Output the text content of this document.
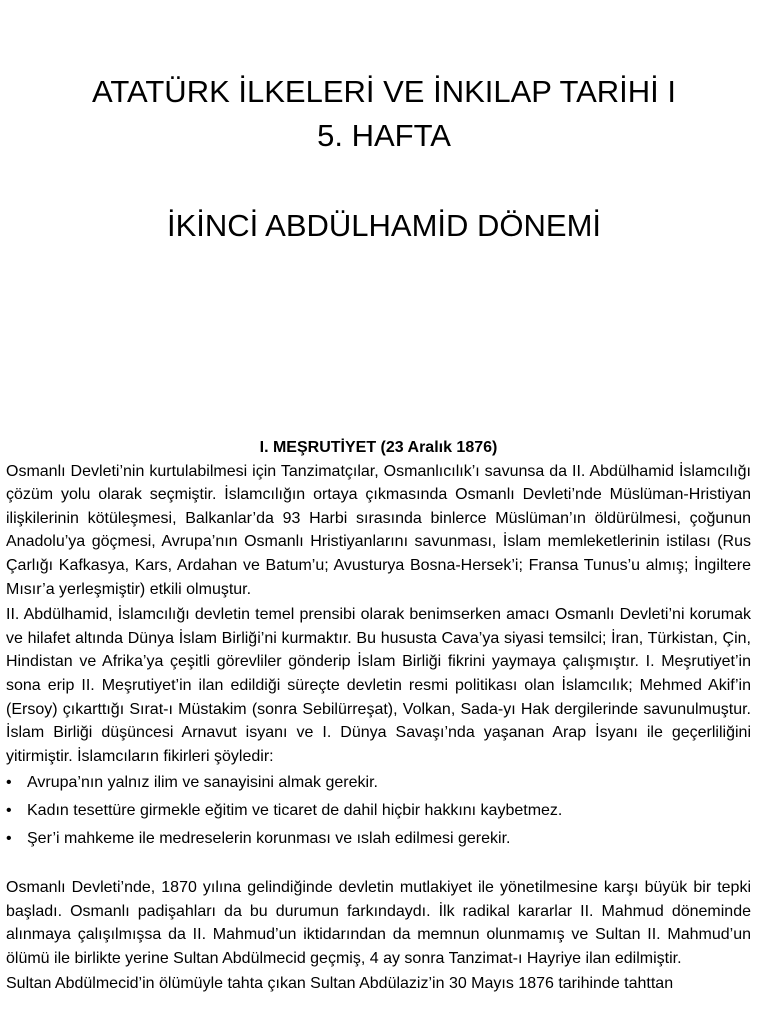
ATATÜRK İLKELERİ VE İNKILAP TARİHİ I
5. HAFTA
İKİNCİ ABDÜLHAMİD DÖNEMİ
I. MEŞRUTİYET (23 Aralık 1876)

Osmanlı Devleti’nin kurtulabilmesi için Tanzimatçılar, Osmanlıcılık’ı savunsa da II. Abdülhamid İslamcılığı çözüm yolu olarak seçmiştir. İslamcılığın ortaya çıkmasında Osmanlı Devleti’nde Müslüman-Hristiyan ilişkilerinin kötüleşmesi, Balkanlar’da 93 Harbi sırasında binlerce Müslüman’ın öldürülmesi, çoğunun Anadolu’ya göçmesi, Avrupa’nın Osmanlı Hristiyanlarını savunması, İslam memleketlerinin istilası (Rus Çarlığı Kafkasya, Kars, Ardahan ve Batum’u; Avusturya Bosna-Hersek’i; Fransa Tunus’u almış; İngiltere Mısır’a yerleşmiştir) etkili olmuştur.

II. Abdülhamid, İslamcılığı devletin temel prensibi olarak benimserken amacı Osmanlı Devleti’ni korumak ve hilafet altında Dünya İslam Birliği’ni kurmaktır. Bu hususta Cava’ya siyasi temsilci; İran, Türkistan, Çin, Hindistan ve Afrika’ya çeşitli görevliler gönderip İslam Birliği fikrini yaymaya çalışmıştır. I. Meşrutiyet’in sona erip II. Meşrutiyet’in ilan edildiği süreçte devletin resmi politikası olan İslamcılık; Mehmed Akif’in (Ersoy) çıkarttığı Sırat-ı Müstakim (sonra Sebilürreşat), Volkan, Sada-yı Hak dergilerinde savunulmuştur. İslam Birliği düşüncesi Arnavut isyanı ve I. Dünya Savaşı’nda yaşanan Arap İsyanı ile geçerliliğini yitirmiştir. İslamcıların fikirleri şöyledir:

• Avrupa’nın yalnız ilim ve sanayisini almak gerekir.
• Kadın tesettüre girmekle eğitim ve ticaret de dahil hiçbir hakkını kaybetmez.
• Şer’i mahkeme ile medreselerin korunması ve ıslah edilmesi gerekir.

Osmanlı Devleti’nde, 1870 yılına gelindiğinde devletin mutlakiyet ile yönetilmesine karşı büyük bir tepki başladı. Osmanlı padişahları da bu durumun farkındaydı. İlk radikal kararlar II. Mahmud döneminde alınmaya çalışılmışsa da II. Mahmud’un iktidarından da memnun olunmamış ve Sultan II. Mahmud’un ölümü ile birlikte yerine Sultan Abdülmecid geçmiş, 4 ay sonra Tanzimat-ı Hayriye ilan edilmiştir.

Sultan Abdülmecid’in ölümüyle tahta çıkan Sultan Abdülaziz’in 30 Mayıs 1876 tarihinde tahttan
